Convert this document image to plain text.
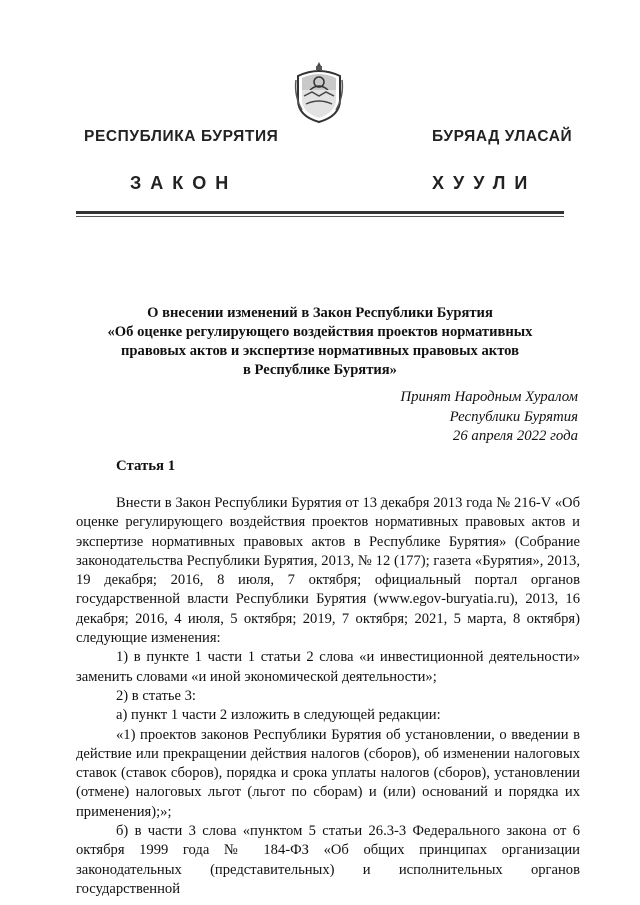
РЕСПУБЛИКА БУРЯТИЯ	БУРЯАД УЛАСАЙ
ЗАКОН	ХУУЛИ
О внесении изменений в Закон Республики Бурятия
«Об оценке регулирующего воздействия проектов нормативных
правовых актов и экспертизе нормативных правовых актов
в Республике Бурятия»
Принят Народным Хуралом
Республики Бурятия
26 апреля 2022 года
Статья 1

Внести в Закон Республики Бурятия от 13 декабря 2013 года № 216-V «Об оценке регулирующего воздействия проектов нормативных правовых актов и экспертизе нормативных правовых актов в Республике Бурятия» (Собрание законодательства Республики Бурятия, 2013, № 12 (177); газета «Бурятия», 2013, 19 декабря; 2016, 8 июля, 7 октября; официальный портал органов государственной власти Республики Бурятия (www.egov-buryatia.ru), 2013, 16 декабря; 2016, 4 июля, 5 октября; 2019, 7 октября; 2021, 5 марта, 8 октября) следующие изменения:

1) в пункте 1 части 1 статьи 2 слова «и инвестиционной деятельности» заменить словами «и иной экономической деятельности»;

2) в статье 3:

а) пункт 1 части 2 изложить в следующей редакции:

«1) проектов законов Республики Бурятия об установлении, о введении в действие или прекращении действия налогов (сборов), об изменении налоговых ставок (ставок сборов), порядка и срока уплаты налогов (сборов), установлении (отмене) налоговых льгот (льгот по сборам) и (или) оснований и порядка их применения);»;

б) в части 3 слова «пунктом 5 статьи 26.3-3 Федерального закона от 6 октября 1999 года № 184-ФЗ «Об общих принципах организации законодательных (представительных) и исполнительных органов государственной
